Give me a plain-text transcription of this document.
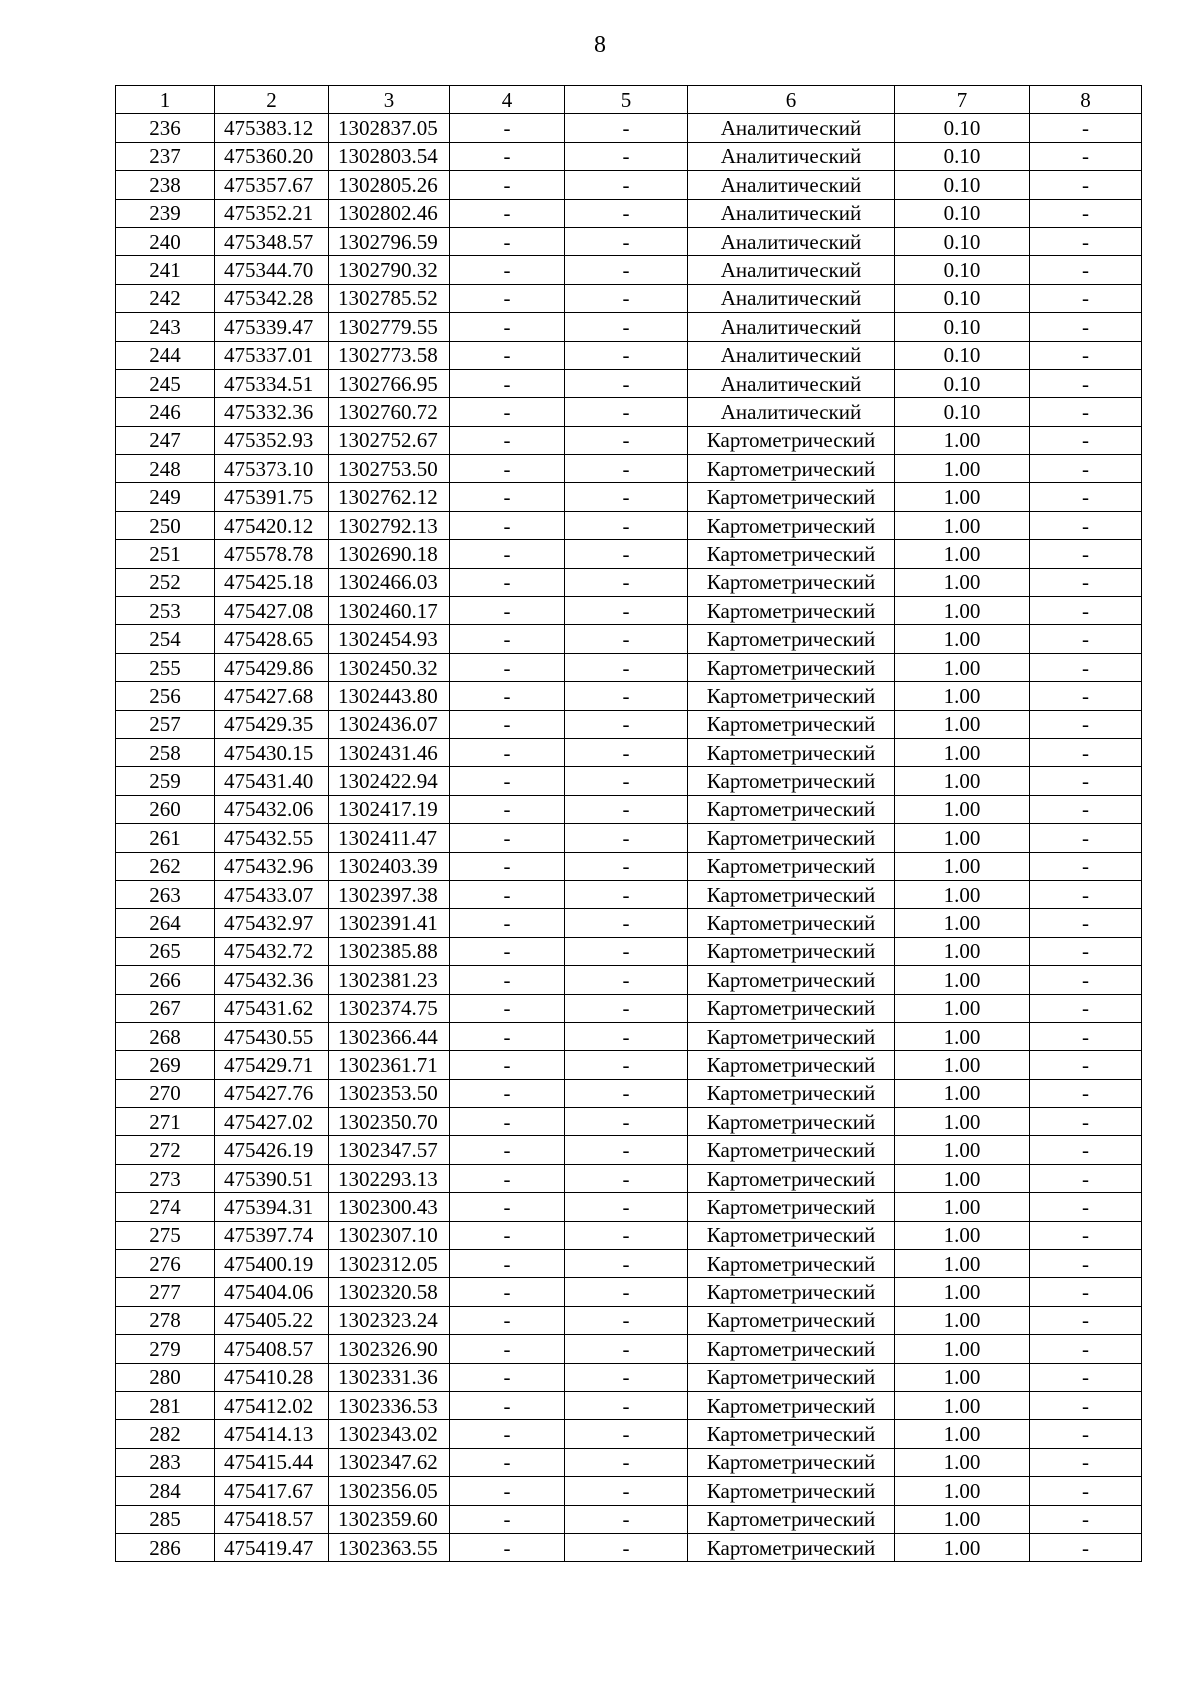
8
1	2	3	4	5	6	7	8
236	475383.12	1302837.05	-	-	Аналитический	0.10	-
237	475360.20	1302803.54	-	-	Аналитический	0.10	-
238	475357.67	1302805.26	-	-	Аналитический	0.10	-
239	475352.21	1302802.46	-	-	Аналитический	0.10	-
240	475348.57	1302796.59	-	-	Аналитический	0.10	-
241	475344.70	1302790.32	-	-	Аналитический	0.10	-
242	475342.28	1302785.52	-	-	Аналитический	0.10	-
243	475339.47	1302779.55	-	-	Аналитический	0.10	-
244	475337.01	1302773.58	-	-	Аналитический	0.10	-
245	475334.51	1302766.95	-	-	Аналитический	0.10	-
246	475332.36	1302760.72	-	-	Аналитический	0.10	-
247	475352.93	1302752.67	-	-	Картометрический	1.00	-
248	475373.10	1302753.50	-	-	Картометрический	1.00	-
249	475391.75	1302762.12	-	-	Картометрический	1.00	-
250	475420.12	1302792.13	-	-	Картометрический	1.00	-
251	475578.78	1302690.18	-	-	Картометрический	1.00	-
252	475425.18	1302466.03	-	-	Картометрический	1.00	-
253	475427.08	1302460.17	-	-	Картометрический	1.00	-
254	475428.65	1302454.93	-	-	Картометрический	1.00	-
255	475429.86	1302450.32	-	-	Картометрический	1.00	-
256	475427.68	1302443.80	-	-	Картометрический	1.00	-
257	475429.35	1302436.07	-	-	Картометрический	1.00	-
258	475430.15	1302431.46	-	-	Картометрический	1.00	-
259	475431.40	1302422.94	-	-	Картометрический	1.00	-
260	475432.06	1302417.19	-	-	Картометрический	1.00	-
261	475432.55	1302411.47	-	-	Картометрический	1.00	-
262	475432.96	1302403.39	-	-	Картометрический	1.00	-
263	475433.07	1302397.38	-	-	Картометрический	1.00	-
264	475432.97	1302391.41	-	-	Картометрический	1.00	-
265	475432.72	1302385.88	-	-	Картометрический	1.00	-
266	475432.36	1302381.23	-	-	Картометрический	1.00	-
267	475431.62	1302374.75	-	-	Картометрический	1.00	-
268	475430.55	1302366.44	-	-	Картометрический	1.00	-
269	475429.71	1302361.71	-	-	Картометрический	1.00	-
270	475427.76	1302353.50	-	-	Картометрический	1.00	-
271	475427.02	1302350.70	-	-	Картометрический	1.00	-
272	475426.19	1302347.57	-	-	Картометрический	1.00	-
273	475390.51	1302293.13	-	-	Картометрический	1.00	-
274	475394.31	1302300.43	-	-	Картометрический	1.00	-
275	475397.74	1302307.10	-	-	Картометрический	1.00	-
276	475400.19	1302312.05	-	-	Картометрический	1.00	-
277	475404.06	1302320.58	-	-	Картометрический	1.00	-
278	475405.22	1302323.24	-	-	Картометрический	1.00	-
279	475408.57	1302326.90	-	-	Картометрический	1.00	-
280	475410.28	1302331.36	-	-	Картометрический	1.00	-
281	475412.02	1302336.53	-	-	Картометрический	1.00	-
282	475414.13	1302343.02	-	-	Картометрический	1.00	-
283	475415.44	1302347.62	-	-	Картометрический	1.00	-
284	475417.67	1302356.05	-	-	Картометрический	1.00	-
285	475418.57	1302359.60	-	-	Картометрический	1.00	-
286	475419.47	1302363.55	-	-	Картометрический	1.00	-
